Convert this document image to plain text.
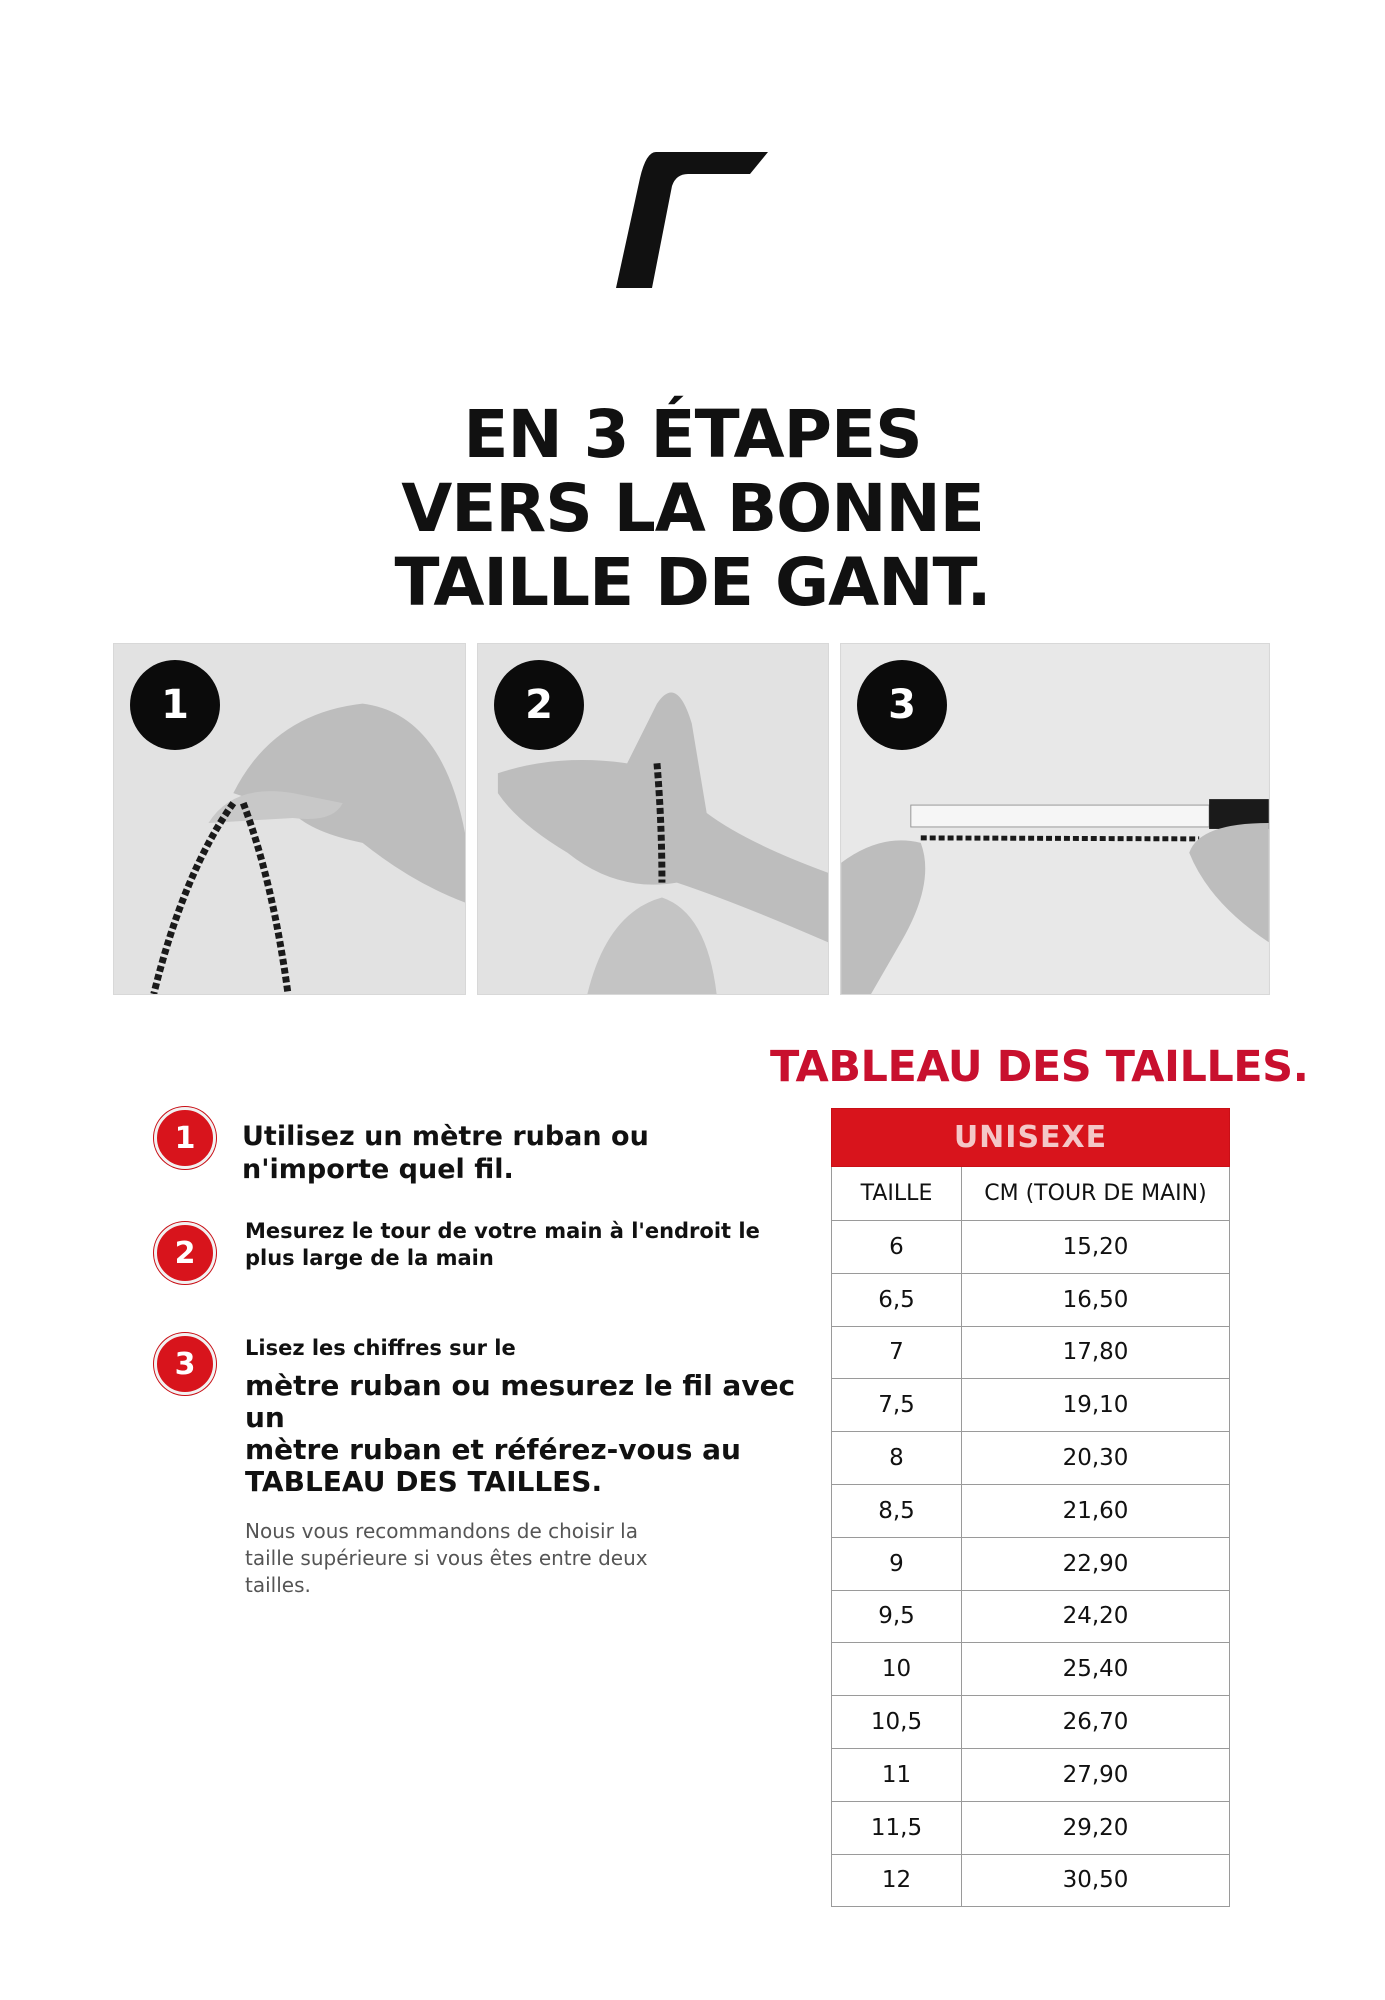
EN 3 ÉTAPES
VERS LA BONNE
TAILLE DE GANT.
1	2	3
1	Utilisez un mètre ruban ou
n'importe quel fil.
2
Mesurez le tour de votre main à l'endroit le
plus large de la main
3	Lisez les chiffres sur le
mètre ruban ou mesurez le fil avec un
mètre ruban et référez-vous au
TABLEAU DES TAILLES.
Nous vous recommandons de choisir la
taille supérieure si vous êtes entre deux
tailles.
TABLEAU DES TAILLES.
UNISEXE	
TAILLE	CM (TOUR DE MAIN)
6	15,20
6,5	16,50
7	17,80
7,5	19,10
8	20,30
8,5	21,60
9	22,90
9,5	24,20
10	25,40
10,5	26,70
11	27,90
11,5	29,20
12	30,50
